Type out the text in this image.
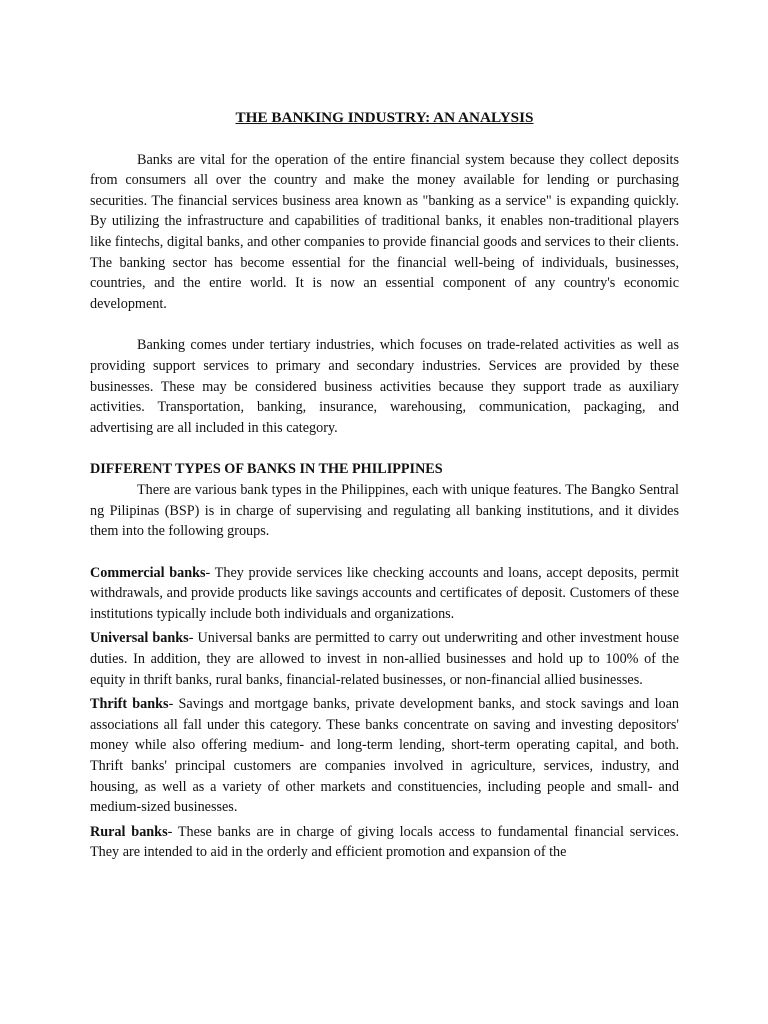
THE BANKING INDUSTRY: AN ANALYSIS

Banks are vital for the operation of the entire financial system because they collect deposits from consumers all over the country and make the money available for lending or purchasing securities. The financial services business area known as "banking as a service" is expanding quickly. By utilizing the infrastructure and capabilities of traditional banks, it enables non-traditional players like fintechs, digital banks, and other companies to provide financial goods and services to their clients. The banking sector has become essential for the financial well-being of individuals, businesses, countries, and the entire world. It is now an essential component of any country's economic development.

Banking comes under tertiary industries, which focuses on trade-related activities as well as providing support services to primary and secondary industries. Services are provided by these businesses. These may be considered business activities because they support trade as auxiliary activities. Transportation, banking, insurance, warehousing, communication, packaging, and advertising are all included in this category.

DIFFERENT TYPES OF BANKS IN THE PHILIPPINES

There are various bank types in the Philippines, each with unique features. The Bangko Sentral ng Pilipinas (BSP) is in charge of supervising and regulating all banking institutions, and it divides them into the following groups.

Commercial banks- They provide services like checking accounts and loans, accept deposits, permit withdrawals, and provide products like savings accounts and certificates of deposit. Customers of these institutions typically include both individuals and organizations.

Universal banks- Universal banks are permitted to carry out underwriting and other investment house duties. In addition, they are allowed to invest in non-allied businesses and hold up to 100% of the equity in thrift banks, rural banks, financial-related businesses, or non-financial allied businesses.

Thrift banks- Savings and mortgage banks, private development banks, and stock savings and loan associations all fall under this category. These banks concentrate on saving and investing depositors' money while also offering medium- and long-term lending, short-term operating capital, and both. Thrift banks' principal customers are companies involved in agriculture, services, industry, and housing, as well as a variety of other markets and constituencies, including people and small- and medium-sized businesses.

Rural banks- These banks are in charge of giving locals access to fundamental financial services. They are intended to aid in the orderly and efficient promotion and expansion of the
